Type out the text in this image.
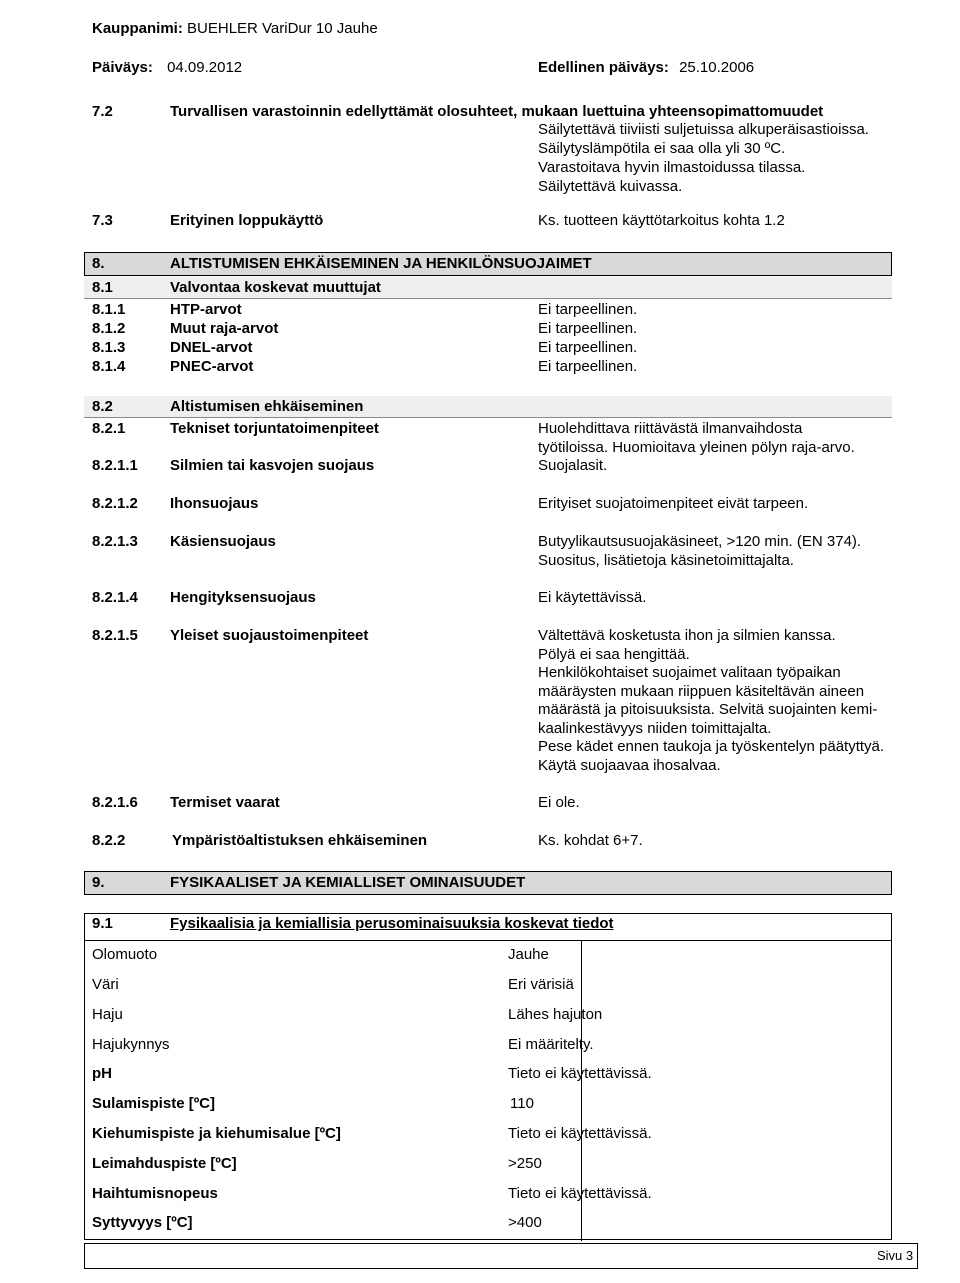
Kauppanimi: BUEHLER VariDur 10 Jauhe
Päiväys: 04.09.2012	Edellinen päiväys: 25.10.2006
7.2	Turvallisen varastoinnin edellyttämät olosuhteet, mukaan luettuina yhteensopimattomuudet
Säilytettävä tiiviisti suljetuissa alkuperäisastioissa.
Säilytyslämpötila ei saa olla yli 30 ºC.
Varastoitava hyvin ilmastoidussa tilassa.
Säilytettävä kuivassa.
7.3	Erityinen loppukäyttö	Ks. tuotteen käyttötarkoitus kohta 1.2
8.	ALTISTUMISEN EHKÄISEMINEN JA HENKILÖNSUOJAIMET
8.1	Valvontaa koskevat muuttujat
8.1.1	HTP-arvot	Ei tarpeellinen.
8.1.2	Muut raja-arvot	Ei tarpeellinen.
8.1.3	DNEL-arvot	Ei tarpeellinen.
8.1.4	PNEC-arvot	Ei tarpeellinen.
8.2	Altistumisen ehkäiseminen
8.2.1	Tekniset torjuntatoimenpiteet	Huolehdittava riittävästä ilmanvaihdosta
työtiloissa. Huomioitava yleinen pölyn raja-arvo.
8.2.1.1 Silmien tai kasvojen suojaus	Suojalasit.
8.2.1.2 Ihonsuojaus	Erityiset suojatoimenpiteet eivät tarpeen.
8.2.1.3 Käsiensuojaus	Butyylikautsusuojakäsineet, >120 min. (EN 374).
Suositus, lisätietoja käsinetoimittajalta.
8.2.1.4 Hengityksensuojaus	Ei käytettävissä.
8.2.1.5 Yleiset suojaustoimenpiteet	Vältettävä kosketusta ihon ja silmien kanssa.
Pölyä ei saa hengittää.
Henkilökohtaiset suojaimet valitaan työpaikan
määräysten mukaan riippuen käsiteltävän aineen
määrästä ja pitoisuuksista. Selvitä suojainten kemi-
kaalinkestävyys niiden toimittajalta.
Pese kädet ennen taukoja ja työskentelyn päätyttyä.
Käytä suojaavaa ihosalvaa.
8.2.1.6 Termiset vaarat	Ei ole.
8.2.2	Ympäristöaltistuksen ehkäiseminen	Ks. kohdat 6+7.
9.	FYSIKAALISET JA KEMIALLISET OMINAISUUDET
9.1	Fysikaalisia ja kemiallisia perusominaisuuksia koskevat tiedot
Olomuoto	Jauhe
Väri	Eri värisiä
Haju	Lähes hajuton
Hajukynnys	Ei määritelty.
pH	Tieto ei käytettävissä.
Sulamispiste [ºC]	110
Kiehumispiste ja kiehumisalue [ºC]	Tieto ei käytettävissä.
Leimahduspiste [ºC]	>250
Haihtumisnopeus	Tieto ei käytettävissä.
Syttyvyys [ºC]	>400
Sivu 3
